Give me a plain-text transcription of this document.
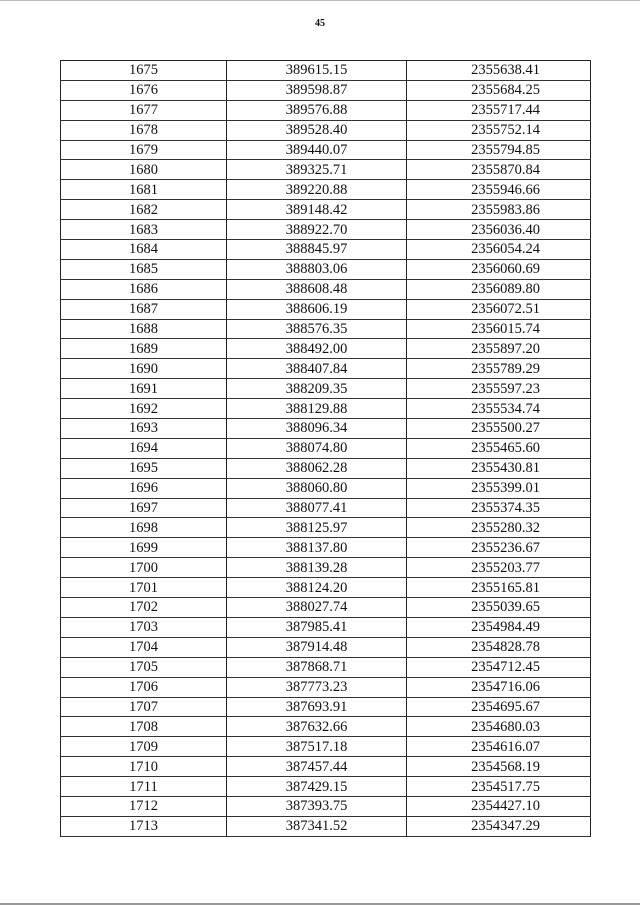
45
1675	389615.15	2355638.41
1676	389598.87	2355684.25
1677	389576.88	2355717.44
1678	389528.40	2355752.14
1679	389440.07	2355794.85
1680	389325.71	2355870.84
1681	389220.88	2355946.66
1682	389148.42	2355983.86
1683	388922.70	2356036.40
1684	388845.97	2356054.24
1685	388803.06	2356060.69
1686	388608.48	2356089.80
1687	388606.19	2356072.51
1688	388576.35	2356015.74
1689	388492.00	2355897.20
1690	388407.84	2355789.29
1691	388209.35	2355597.23
1692	388129.88	2355534.74
1693	388096.34	2355500.27
1694	388074.80	2355465.60
1695	388062.28	2355430.81
1696	388060.80	2355399.01
1697	388077.41	2355374.35
1698	388125.97	2355280.32
1699	388137.80	2355236.67
1700	388139.28	2355203.77
1701	388124.20	2355165.81
1702	388027.74	2355039.65
1703	387985.41	2354984.49
1704	387914.48	2354828.78
1705	387868.71	2354712.45
1706	387773.23	2354716.06
1707	387693.91	2354695.67
1708	387632.66	2354680.03
1709	387517.18	2354616.07
1710	387457.44	2354568.19
1711	387429.15	2354517.75
1712	387393.75	2354427.10
1713	387341.52	2354347.29
